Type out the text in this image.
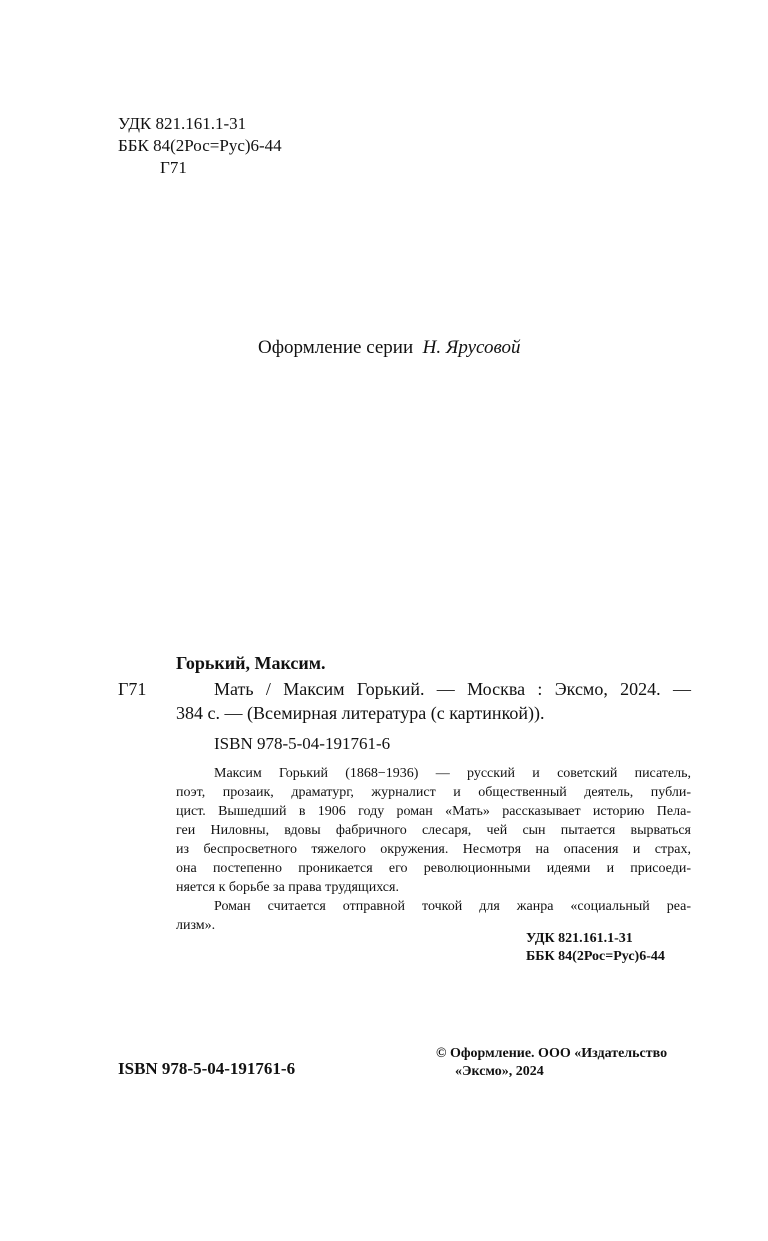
УДК 821.161.1-31
ББК 84(2Рос=Рус)6-44
Г71
Оформление серии Н. Ярусовой
Горький, Максим.
Г71	Мать / Максим Горький. — Москва : Эксмо, 2024. —
384 с. — (Всемирная литература (с картинкой)).
ISBN 978-5-04-191761-6
Максим Горький (1868−1936) — русский и советский писатель,
поэт, прозаик, драматург, журналист и общественный деятель, публи-
цист. Вышедший в 1906 году роман «Мать» рассказывает историю Пела-
геи Ниловны, вдовы фабричного слесаря, чей сын пытается вырваться
из беспросветного тяжелого окружения. Несмотря на опасения и страх,
она постепенно проникается его революционными идеями и присоеди-
няется к борьбе за права трудящихся.
Роман считается отправной точкой для жанра «социальный реа-
лизм».
УДК 821.161.1-31
ББК 84(2Рос=Рус)6-44
ISBN 978-5-04-191761-6
© Оформление. ООО «Издательство
«Эксмо», 2024
